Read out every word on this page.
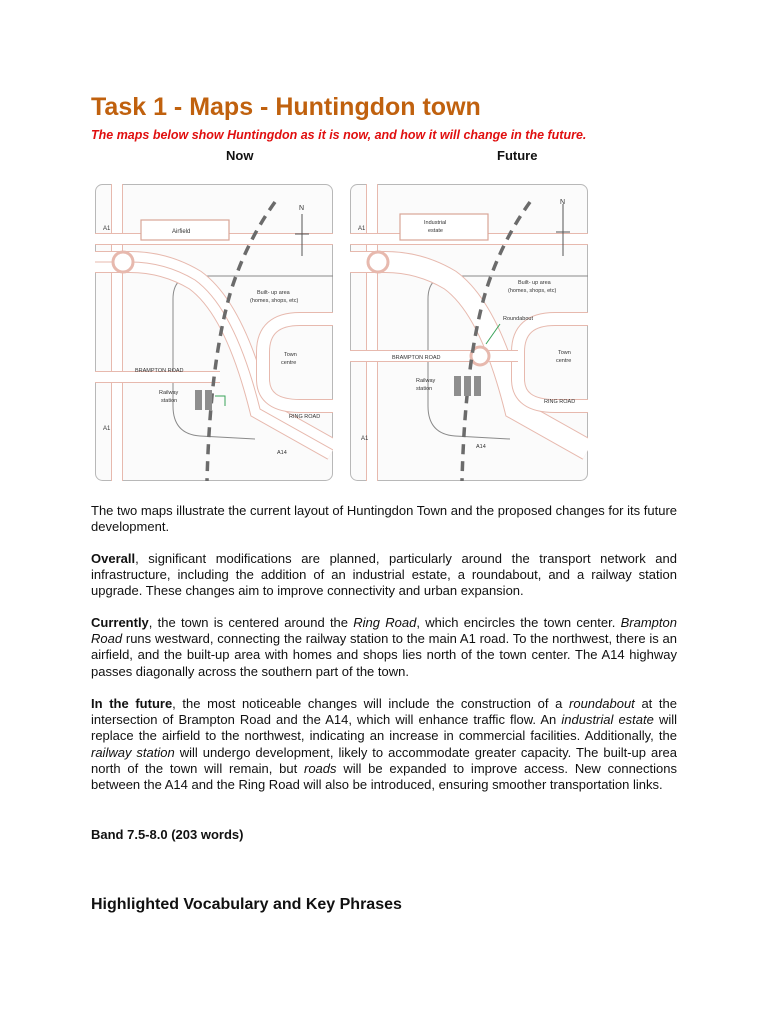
Task 1 - Maps - Huntingdon town
The maps below show Huntingdon as it is now, and how it will change in the future.
Now	Future
N
A1
A1
Airfield
Built- up area
(homes, shops, etc)
Town
centre
BRAMPTON ROAD
Railway
station
RING ROAD
A14
N
A1
A1
Industrial
estate
Built- up area
(homes, shops, etc)
Roundabout
Town
centre
BRAMPTON ROAD
Railway
station
RING ROAD
A14
The two maps illustrate the current layout of Huntingdon Town and the proposed changes for its future development.
Overall, significant modifications are planned, particularly around the transport network and infrastructure, including the addition of an industrial estate, a roundabout, and a railway station upgrade. These changes aim to improve connectivity and urban expansion.
Currently, the town is centered around the Ring Road, which encircles the town center. Brampton Road runs westward, connecting the railway station to the main A1 road. To the northwest, there is an airfield, and the built-up area with homes and shops lies north of the town center. The A14 highway passes diagonally across the southern part of the town.
In the future, the most noticeable changes will include the construction of a roundabout at the intersection of Brampton Road and the A14, which will enhance traffic flow. An industrial estate will replace the airfield to the northwest, indicating an increase in commercial facilities. Additionally, the railway station will undergo development, likely to accommodate greater capacity. The built-up area north of the town will remain, but roads will be expanded to improve access. New connections between the A14 and the Ring Road will also be introduced, ensuring smoother transportation links.
Band 7.5-8.0 (203 words)
Highlighted Vocabulary and Key Phrases
